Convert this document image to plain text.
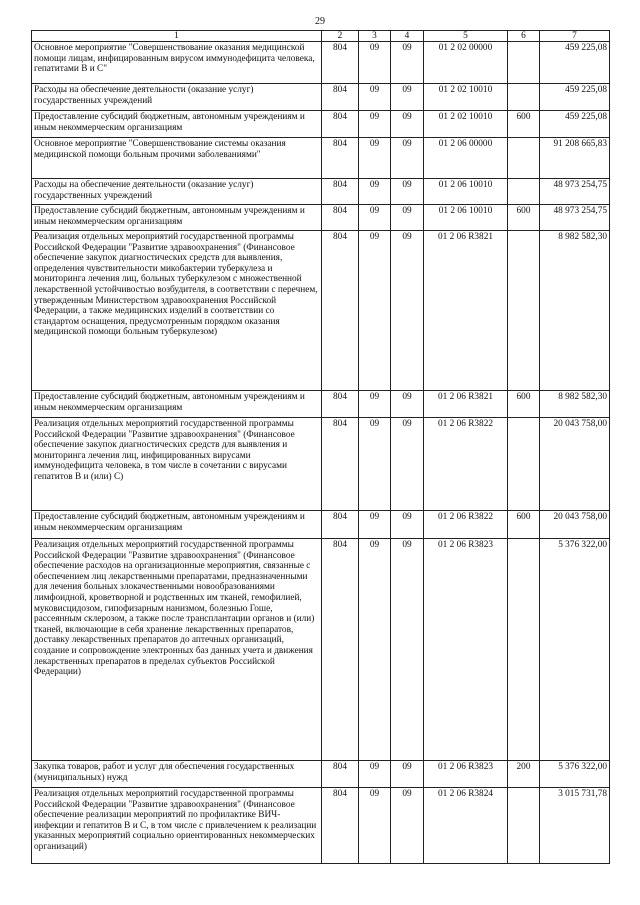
29
1	2	3	4	5	6	7
Основное мероприятие "Совершенствование оказания медицинской помощи лицам, инфицированным вирусом иммунодефицита человека, гепатитами В и С"	804	09	09	01 2 02 00000		459 225,08
Расходы на обеспечение деятельности (оказание услуг) государственных учреждений	804	09	09	01 2 02 10010		459 225,08
Предоставление субсидий бюджетным, автономным учреждениям и иным некоммерческим организациям	804	09	09	01 2 02 10010	600	459 225,08
Основное мероприятие "Совершенствование системы оказания медицинской помощи больным прочими заболеваниями"	804	09	09	01 2 06 00000		91 208 665,83
Расходы на обеспечение деятельности (оказание услуг) государственных учреждений	804	09	09	01 2 06 10010		48 973 254,75
Предоставление субсидий бюджетным, автономным учреждениям и иным некоммерческим организациям	804	09	09	01 2 06 10010	600	48 973 254,75
Реализация отдельных мероприятий государственной программы Российской Федерации "Развитие здравоохранения" (Финансовое обеспечение закупок диагностических средств для выявления, определения чувствительности микобактерии туберкулеза и мониторинга лечения лиц, больных туберкулезом с множественной лекарственной устойчивостью возбудителя, в соответствии с перечнем, утвержденным Министерством здравоохранения Российской Федерации, а также медицинских изделий в соответствии со стандартом оснащения, предусмотренным порядком оказания медицинской помощи больным туберкулезом)	804	09	09	01 2 06 R3821		8 982 582,30
Предоставление субсидий бюджетным, автономным учреждениям и иным некоммерческим организациям	804	09	09	01 2 06 R3821	600	8 982 582,30
Реализация отдельных мероприятий государственной программы Российской Федерации "Развитие здравоохранения" (Финансовое обеспечение закупок диагностических средств для выявления и мониторинга лечения лиц, инфицированных вирусами иммунодефицита человека, в том числе в сочетании с вирусами гепатитов В и (или) С)	804	09	09	01 2 06 R3822		20 043 758,00
Предоставление субсидий бюджетным, автономным учреждениям и иным некоммерческим организациям	804	09	09	01 2 06 R3822	600	20 043 758,00
Реализация отдельных мероприятий государственной программы Российской Федерации "Развитие здравоохранения" (Финансовое обеспечение расходов на организационные мероприятия, связанные с обеспечением лиц лекарственными препаратами, предназначенными для лечения больных злокачественными новообразованиями лимфоидной, кроветворной и родственных им тканей, гемофилией, муковисцидозом, гипофизарным нанизмом, болезнью Гоше, рассеянным склерозом, а также после трансплантации органов и (или) тканей, включающие в себя хранение лекарственных препаратов, доставку лекарственных препаратов до аптечных организаций, создание и сопровождение электронных баз данных учета и движения лекарственных препаратов в пределах субъектов Российской Федерации)	804	09	09	01 2 06 R3823		5 376 322,00
Закупка товаров, работ и услуг для обеспечения государственных (муниципальных) нужд	804	09	09	01 2 06 R3823	200	5 376 322,00
Реализация отдельных мероприятий государственной программы Российской Федерации "Развитие здравоохранения" (Финансовое обеспечение реализации мероприятий по профилактике ВИЧ-инфекции и гепатитов В и С, в том числе с привлечением к реализации указанных мероприятий социально ориентированных некоммерческих организаций)	804	09	09	01 2 06 R3824		3 015 731,78
